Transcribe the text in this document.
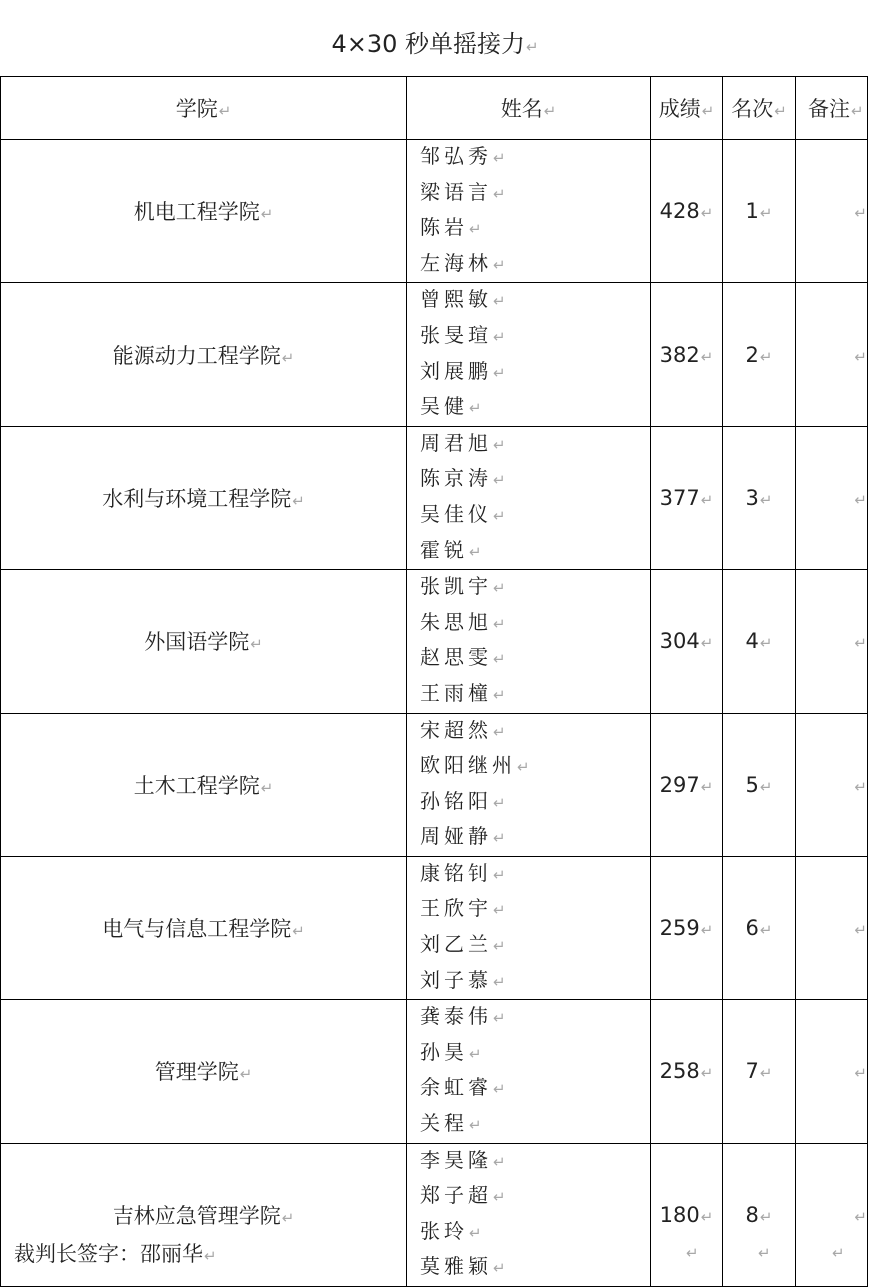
4×30 秒单摇接力↵
学院↵	姓名↵	成绩↵	名次↵	备注↵
机电工程学院↵	邹弘秀↵
梁语言↵
陈岩↵
左海林↵	428↵	1↵	↵
能源动力工程学院↵	曾熙敏↵
张旻瑄↵
刘展鹏↵
吴健↵	382↵	2↵	↵
水利与环境工程学院↵	周君旭↵
陈京涛↵
吴佳仪↵
霍锐↵	377↵	3↵	↵
外国语学院↵	张凯宇↵
朱思旭↵
赵思雯↵
王雨橦↵	304↵	4↵	↵
土木工程学院↵	宋超然↵
欧阳继州↵
孙铭阳↵
周娅静↵	297↵	5↵	↵
电气与信息工程学院↵	康铭钊↵
王欣宇↵
刘乙兰↵
刘子慕↵	259↵	6↵	↵
管理学院↵	龚泰伟↵
孙昊↵
余虹睿↵
关程↵	258↵	7↵	↵
吉林应急管理学院↵	李昊隆↵
郑子超↵
张玲↵
莫雅颖↵	180↵	8↵	↵
裁判长签字：邵丽华↵	↵	↵	↵
